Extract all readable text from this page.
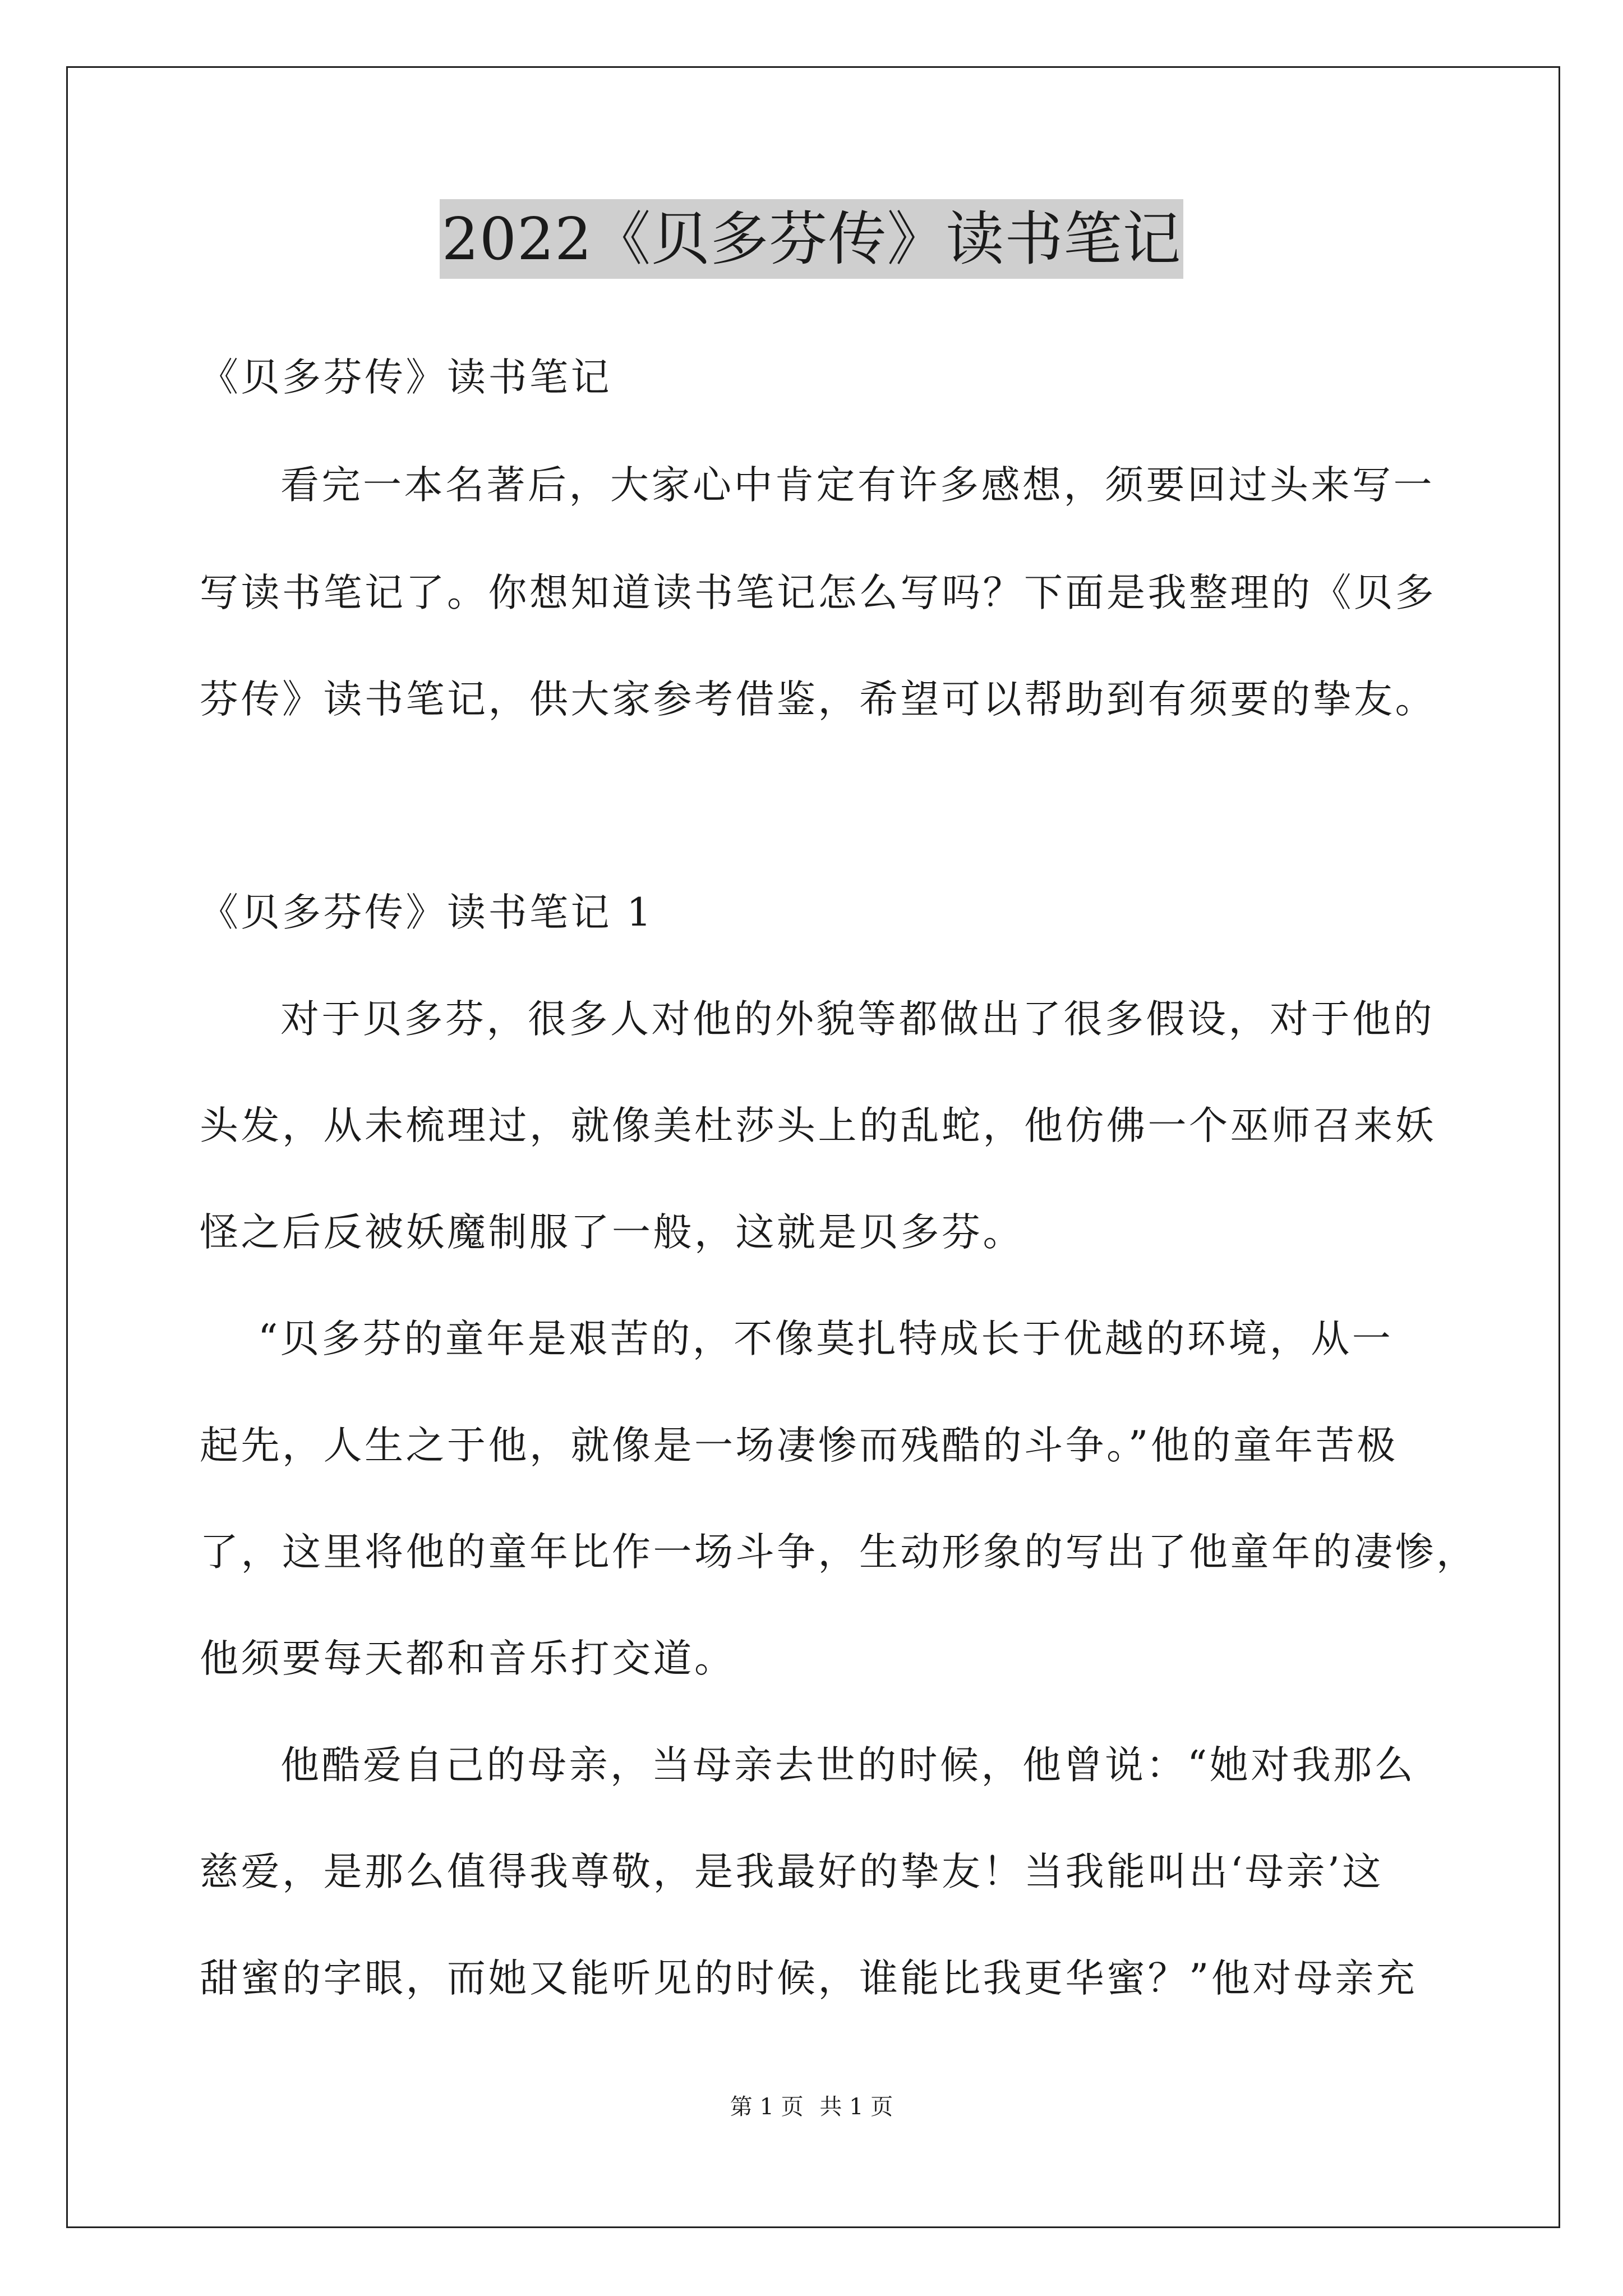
2022《贝多芬传》读书笔记
《贝多芬传》读书笔记
看完一本名著后，大家心中肯定有许多感想，须要回过头来写一
写读书笔记了。你想知道读书笔记怎么写吗？下面是我整理的《贝多
芬传》读书笔记，供大家参考借鉴，希望可以帮助到有须要的挚友。
《贝多芬传》读书笔记 1
对于贝多芬，很多人对他的外貌等都做出了很多假设，对于他的
头发，从未梳理过，就像美杜莎头上的乱蛇，他仿佛一个巫师召来妖
怪之后反被妖魔制服了一般，这就是贝多芬。
“贝多芬的童年是艰苦的，不像莫扎特成长于优越的环境，从一
起先，人生之于他，就像是一场凄惨而残酷的斗争。”他的童年苦极
了，这里将他的童年比作一场斗争，生动形象的写出了他童年的凄惨，
他须要每天都和音乐打交道。
他酷爱自己的母亲，当母亲去世的时候，他曾说：“她对我那么
慈爱，是那么值得我尊敬，是我最好的挚友！当我能叫出‘母亲’这
甜蜜的字眼，而她又能听见的时候，谁能比我更华蜜？”他对母亲充
第 1 页 共 1 页
